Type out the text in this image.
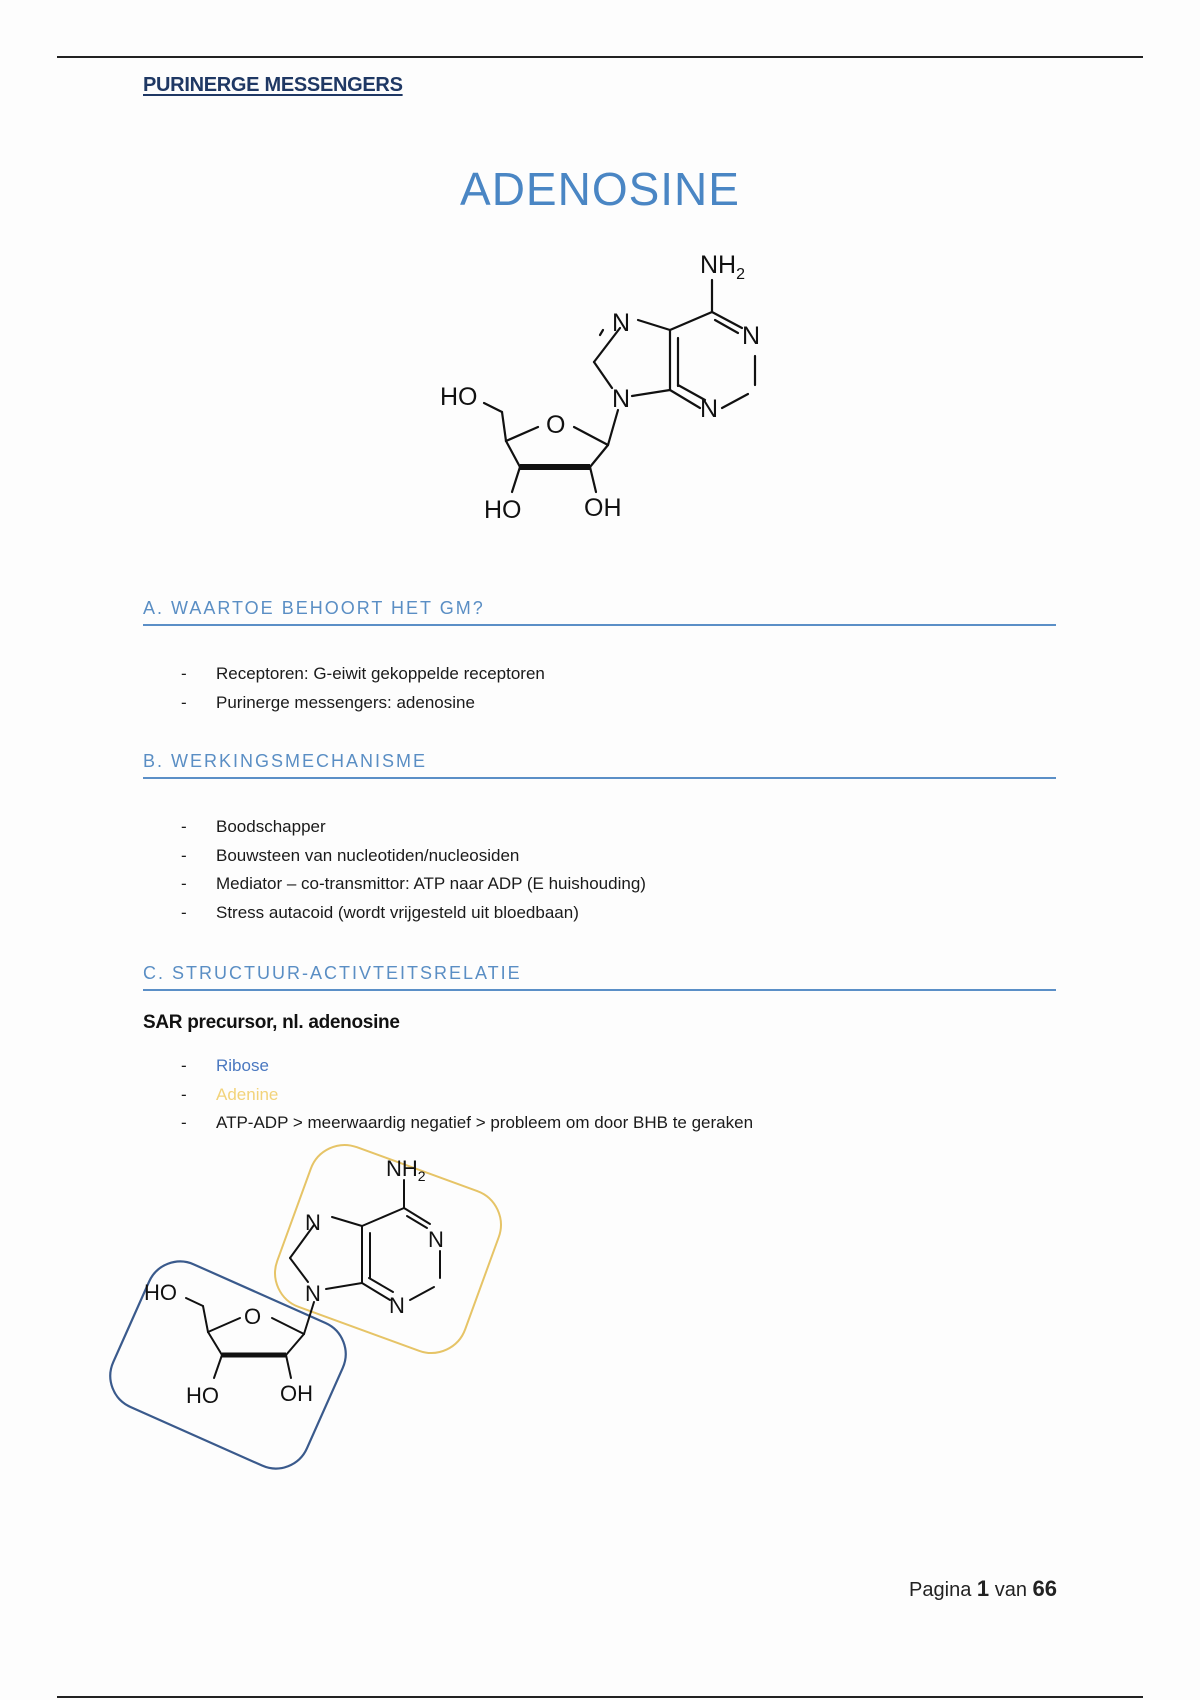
PURINERGE MESSENGERS
ADENOSINE
$NH_2$
N
N
N
N
O
HO
HO	OH
A. WAARTOE BEHOORT HET GM?
- Receptoren: G-eiwit gekoppelde receptoren
- Purinerge messengers: adenosine
B. WERKINGSMECHANISME
- Boodschapper
- Bouwsteen van nucleotiden/nucleosiden
- Mediator – co-transmittor: ATP naar ADP (E huishouding)
- Stress autacoid (wordt vrijgesteld uit bloedbaan)
C. STRUCTUUR-ACTIVTEITSRELATIE
SAR precursor, nl. adenosine
- Ribose
- Adenine
- ATP-ADP > meerwaardig negatief > probleem om door BHB te geraken
$NH_2$
N
N
N
N
O
HO
HO	OH
Pagina 1 van 66
